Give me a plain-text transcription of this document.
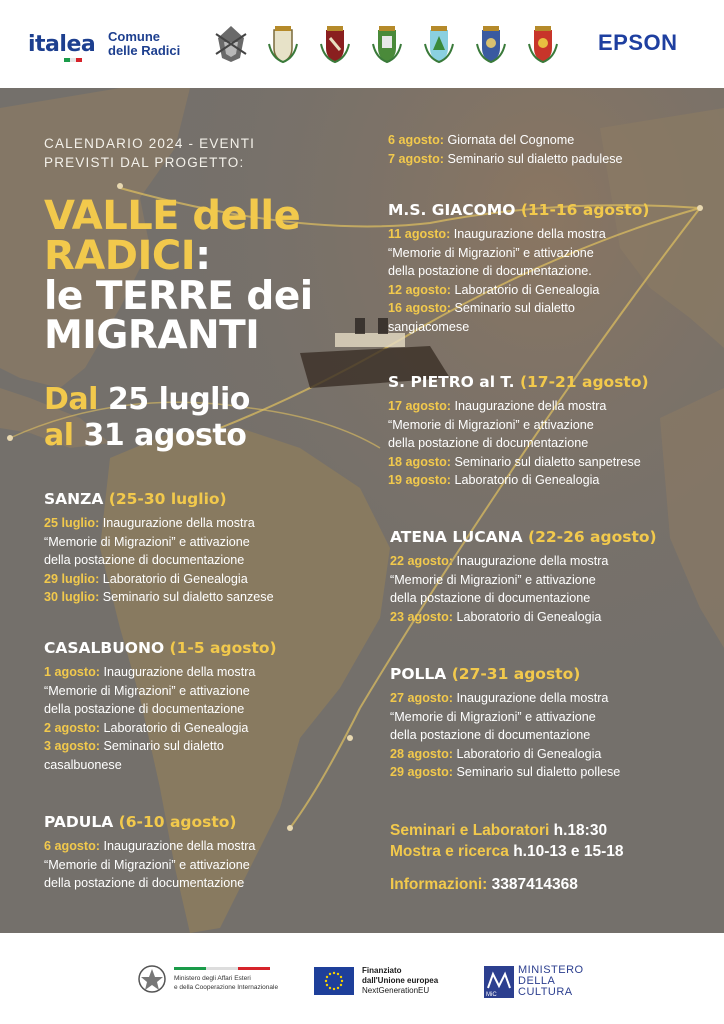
italea Comune
delle Radici	EPSON
CALENDARIO 2024 - EVENTI
PREVISTI DAL PROGETTO:
VALLE delle
RADICI:
le TERRE dei
MIGRANTI
Dal 25 luglio
al 31 agosto
SANZA (25-30 luglio)

25 luglio: Inaugurazione della mostra

“Memorie di Migrazioni” e attivazione

della postazione di documentazione

29 luglio: Laboratorio di Genealogia

30 luglio: Seminario sul dialetto sanzese

CASALBUONO (1-5 agosto)

1 agosto: Inaugurazione della mostra

“Memorie di Migrazioni” e attivazione

della postazione di documentazione

2 agosto: Laboratorio di Genealogia

3 agosto: Seminario sul dialetto

casalbuonese

PADULA (6-10 agosto)

6 agosto: Inaugurazione della mostra

“Memorie di Migrazioni” e attivazione

della postazione di documentazione

6 agosto: Giornata del Cognome

7 agosto: Seminario sul dialetto padulese

M.S. GIACOMO (11-16 agosto)

11 agosto: Inaugurazione della mostra

“Memorie di Migrazioni” e attivazione

della postazione di documentazione.

12 agosto: Laboratorio di Genealogia

16 agosto: Seminario sul dialetto

sangiacomese

S. PIETRO al T. (17-21 agosto)

17 agosto: Inaugurazione della mostra

“Memorie di Migrazioni” e attivazione

della postazione di documentazione

18 agosto: Seminario sul dialetto sanpetrese

19 agosto: Laboratorio di Genealogia

ATENA LUCANA (22-26 agosto)

22 agosto: Inaugurazione della mostra

“Memorie di Migrazioni” e attivazione

della postazione di documentazione

23 agosto: Laboratorio di Genealogia

POLLA (27-31 agosto)

27 agosto: Inaugurazione della mostra

“Memorie di Migrazioni” e attivazione

della postazione di documentazione

28 agosto: Laboratorio di Genealogia

29 agosto: Seminario sul dialetto pollese

Seminari e Laboratori h.18:30
Mostra e ricerca h.10-13 e 15-18
Informazioni: 3387414368
Ministero degli Affari Esteri
e della Cooperazione Internazionale
Finanziato
dall'Unione europea
NextGenerationEU	MiC
MINISTERO
DELLA
CULTURA
